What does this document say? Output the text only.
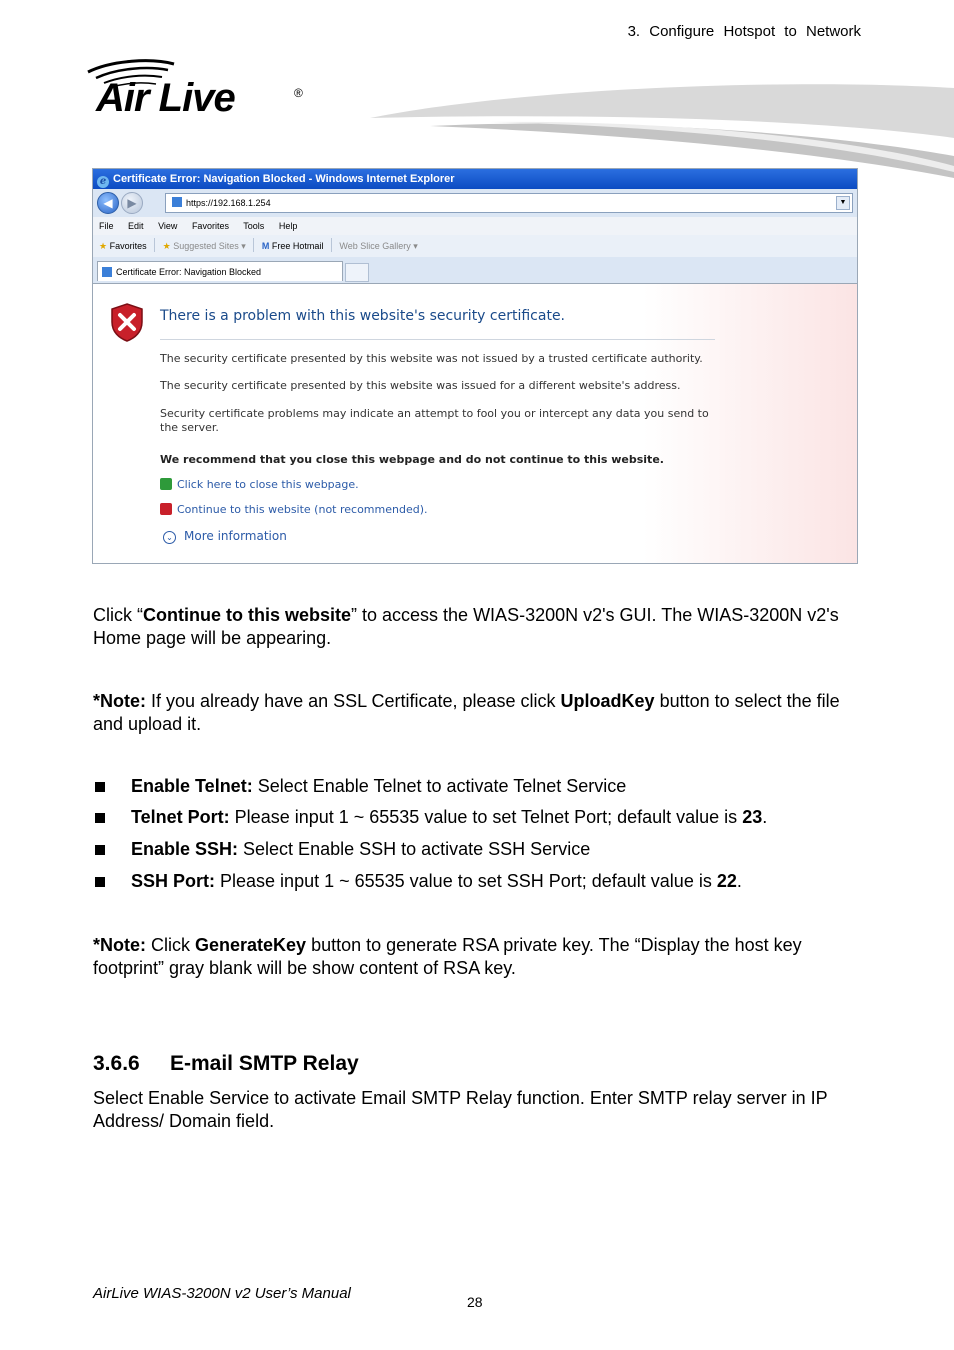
3. Configure Hotspot to Network
Air Live	®
e Certificate Error: Navigation Blocked - Windows Internet Explorer
◀	▶	https://192.168.1.254	▼
File Edit View Favorites Tools Help
★ Favorites ★ Suggested Sites ▾ M Free Hotmail Web Slice Gallery ▾
Certificate Error: Navigation Blocked
There is a problem with this website's security certificate.
The security certificate presented by this website was not issued by a trusted certificate authority.
The security certificate presented by this website was issued for a different website's address.
Security certificate problems may indicate an attempt to fool you or intercept any data you send to the server.
We recommend that you close this webpage and do not continue to this website.
Click here to close this webpage.
Continue to this website (not recommended).
⌄ More information
Click “Continue to this website” to access the WIAS-3200N v2's GUI. The WIAS-3200N v2's Home page will be appearing.
*Note: If you already have an SSL Certificate, please click UploadKey button to select the file and upload it.
Enable Telnet: Select Enable Telnet to activate Telnet Service
Telnet Port: Please input 1 ~ 65535 value to set Telnet Port; default value is 23.
Enable SSH: Select Enable SSH to activate SSH Service
SSH Port: Please input 1 ~ 65535 value to set SSH Port; default value is 22.
*Note: Click GenerateKey button to generate RSA private key. The “Display the host key footprint” gray blank will be show content of RSA key.
3.6.6 E-mail SMTP Relay
Select Enable Service to activate Email SMTP Relay function. Enter SMTP relay server in IP Address/ Domain field.
AirLive WIAS-3200N v2 User’s Manual	28
